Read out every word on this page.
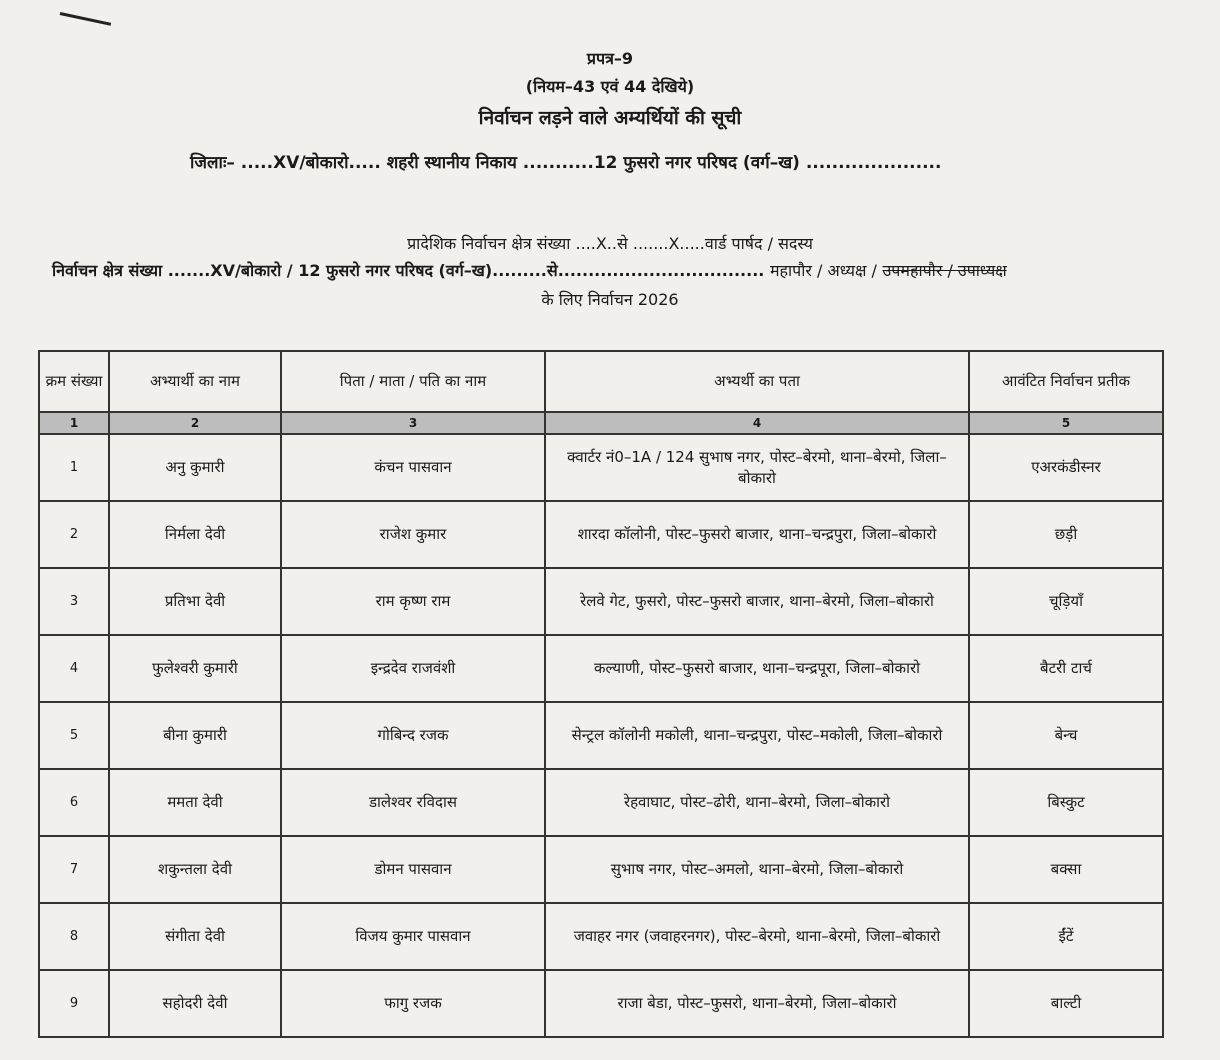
प्रपत्र–9
(नियम–43 एवं 44 देखिये)
निर्वाचन लड़ने वाले अम्यर्थियों की सूची
जिलाः– .....XV/बोकारो..... शहरी स्थानीय निकाय ...........12 फुसरो नगर परिषद (वर्ग–ख) .....................
प्रादेशिक निर्वाचन क्षेत्र संख्या ....X..से .......X.....वार्ड पार्षद / सदस्य
निर्वाचन क्षेत्र संख्या .......XV/बोकारो / 12 फुसरो नगर परिषद (वर्ग–ख).........से.................................. महापौर / अध्यक्ष / उपमहापौर / उपाध्यक्ष
के लिए निर्वाचन 2026
क्रम संख्या	अभ्यार्थी का नाम	पिता / माता / पति का नाम	अभ्यर्थी का पता	आवंटित निर्वाचन प्रतीक
1	2	3	4	5
1	अनु कुमारी	कंचन पासवान	क्वार्टर नं0–1A / 124 सुभाष नगर, पोस्ट–बेरमो, थाना–बेरमो, जिला–बोकारो	एअरकंडीस्नर
2	निर्मला देवी	राजेश कुमार	शारदा कॉलोनी, पोस्ट–फुसरो बाजार, थाना–चन्द्रपुरा, जिला–बोकारो	छड़ी
3	प्रतिभा देवी	राम कृष्ण राम	रेलवे गेट, फुसरो, पोस्ट–फुसरो बाजार, थाना–बेरमो, जिला–बोकारो	चूड़ियाँ
4	फुलेश्वरी कुमारी	इन्द्रदेव राजवंशी	कल्याणी, पोस्ट–फुसरो बाजार, थाना–चन्द्रपूरा, जिला–बोकारो	बैटरी टार्च
5	बीना कुमारी	गोबिन्द रजक	सेन्ट्रल कॉलोनी मकोली, थाना–चन्द्रपुरा, पोस्ट–मकोली, जिला–बोकारो	बेन्च
6	ममता देवी	डालेश्वर रविदास	रेहवाघाट, पोस्ट–ढोरी, थाना–बेरमो, जिला–बोकारो	बिस्कुट
7	शकुन्तला देवी	डोमन पासवान	सुभाष नगर, पोस्ट–अमलो, थाना–बेरमो, जिला–बोकारो	बक्सा
8	संगीता देवी	विजय कुमार पासवान	जवाहर नगर (जवाहरनगर), पोस्ट–बेरमो, थाना–बेरमो, जिला–बोकारो	ईंटें
9	सहोदरी देवी	फागु रजक	राजा बेडा, पोस्ट–फुसरो, थाना–बेरमो, जिला–बोकारो	बाल्टी
